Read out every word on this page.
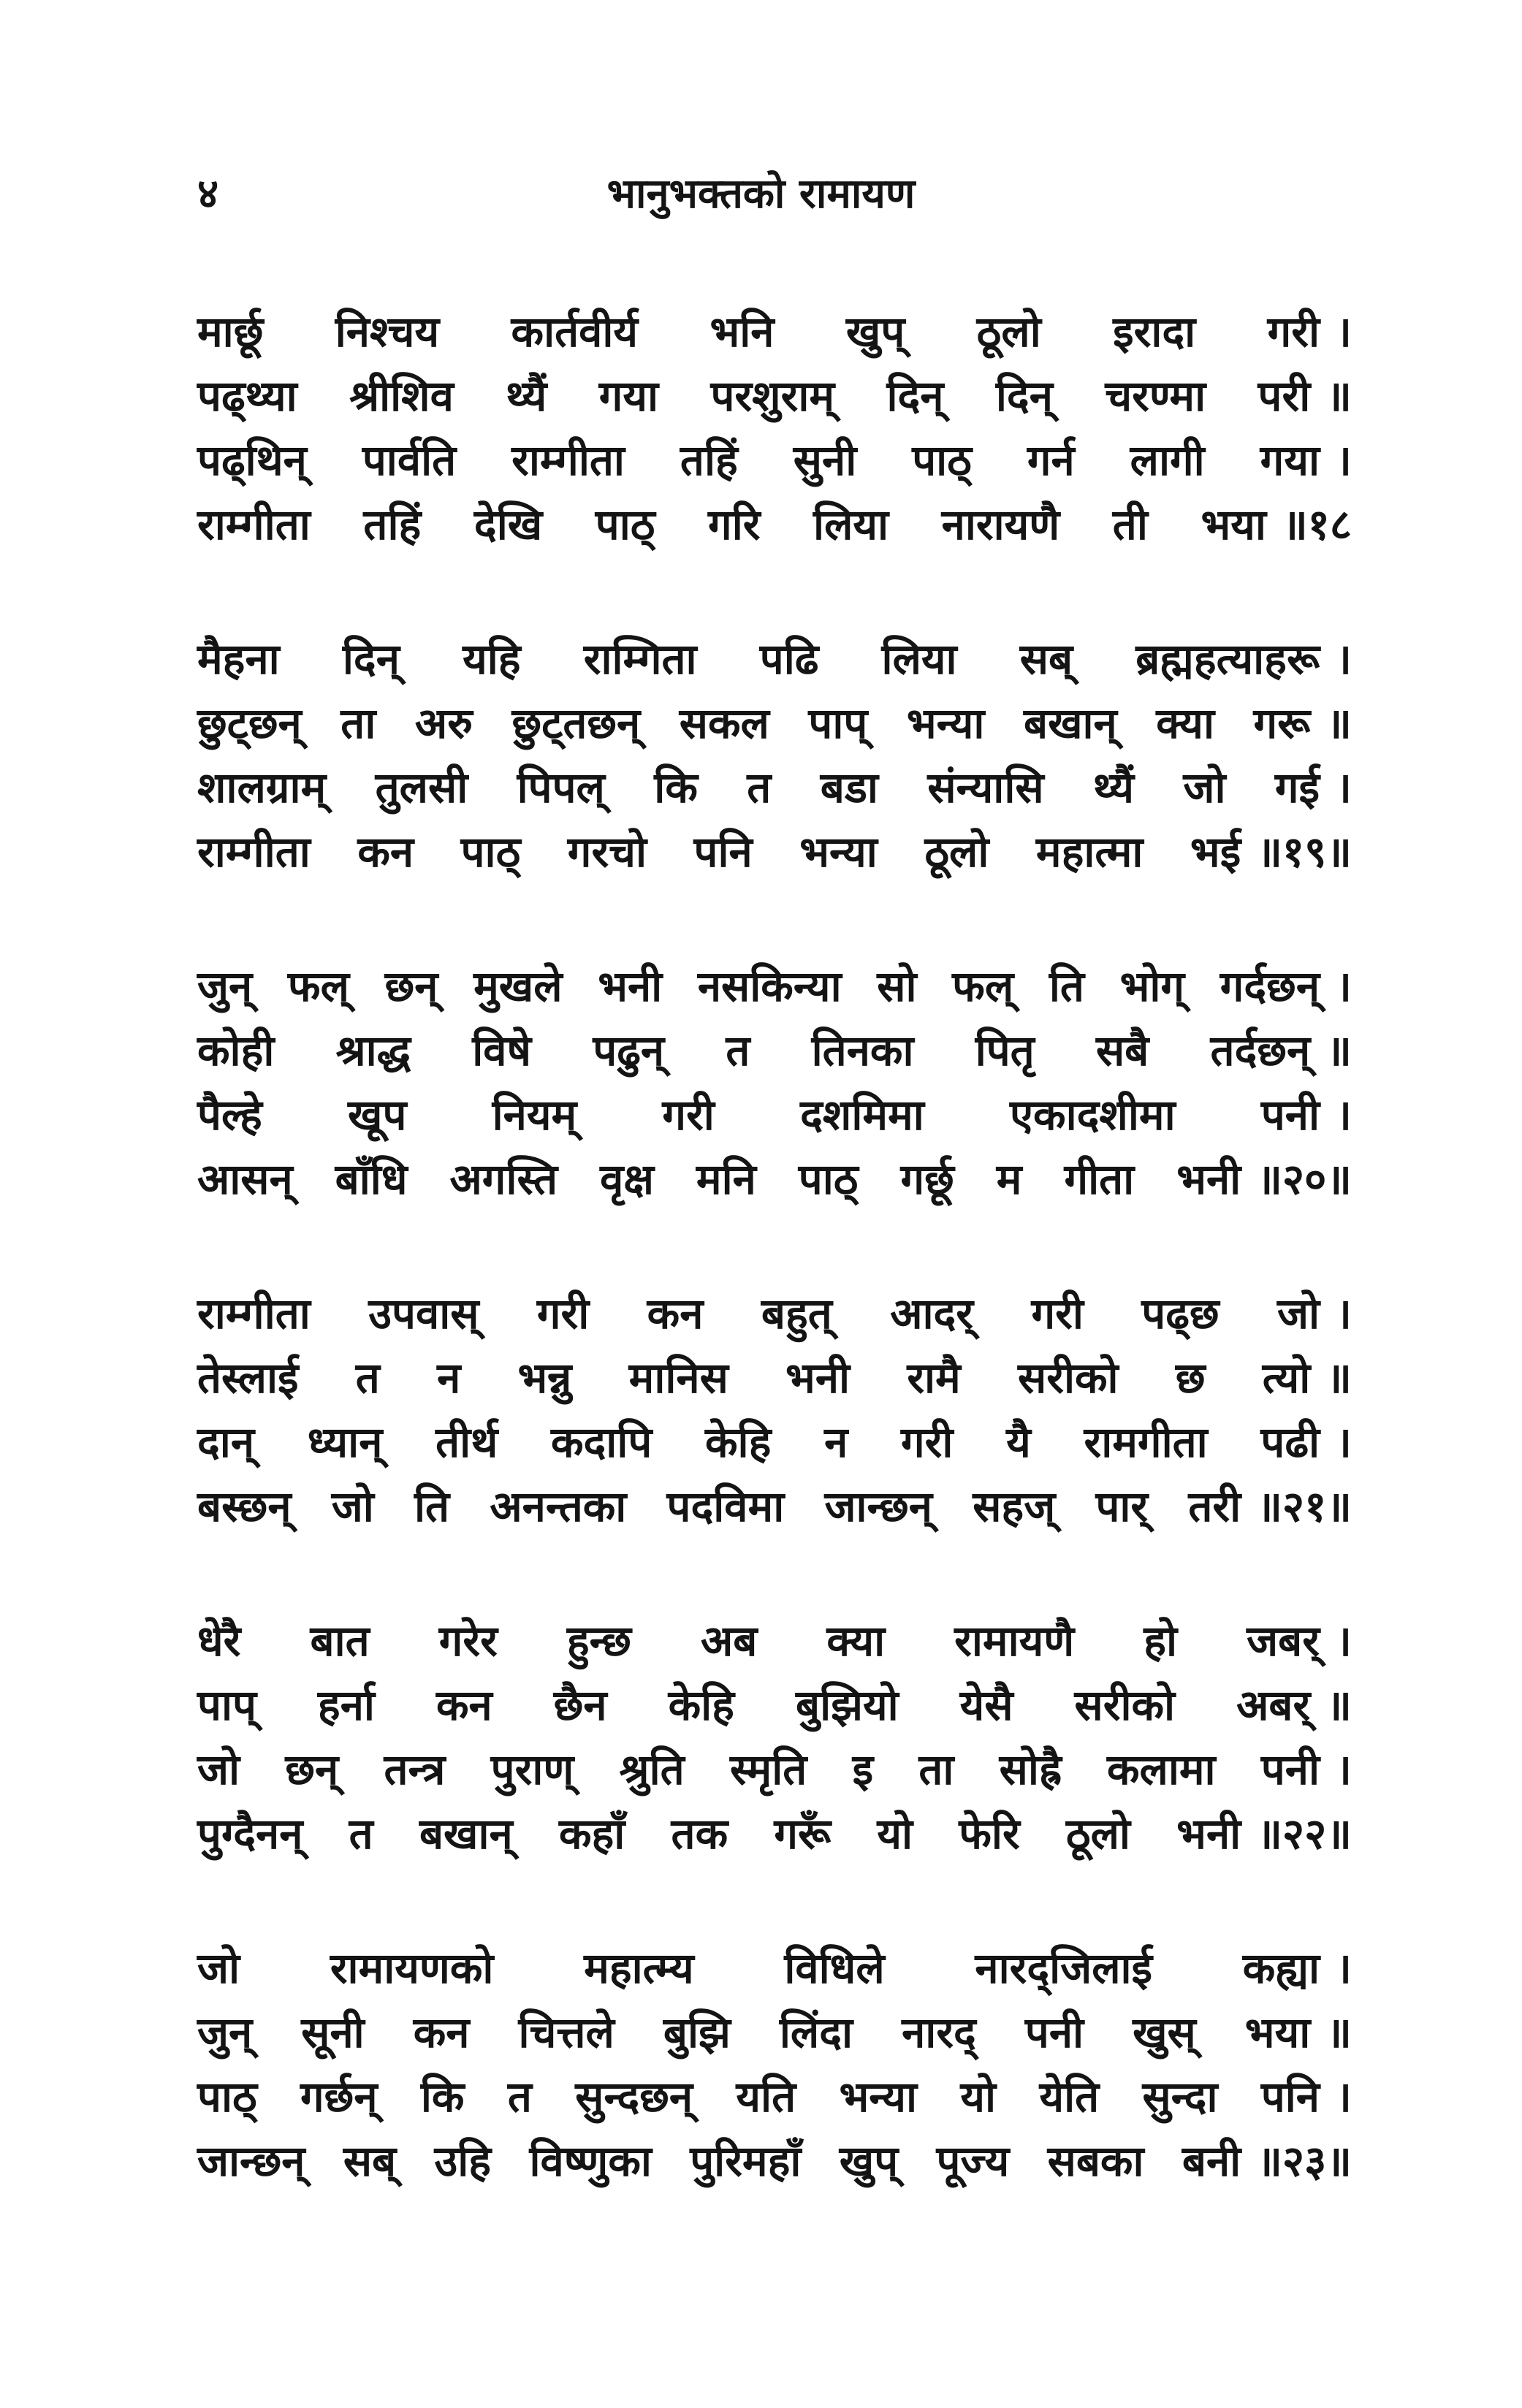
४	भानुभक्तको रामायण
मार्छू निश्चय कार्तवीर्य भनि खुप् ठूलो इरादा गरी ।
पढ्थ्या श्रीशिव थ्यैं गया परशुराम् दिन् दिन् चरण्मा परी ॥
पढ्थिन् पार्वति राम्गीता तहिं सुनी पाठ् गर्न लागी गया ।
राम्गीता तहिं देखि पाठ् गरि लिया नारायणै ती भया ॥१८
मैहना दिन् यहि राम्गिता पढि लिया सब् ब्रह्महत्याहरू ।
छुट्छन् ता अरु छुट्तछन् सकल पाप् भन्या बखान् क्या गरू ॥
शालग्राम् तुलसी पिपल् कि त बडा संन्यासि थ्यैं जो गई ।
राम्गीता कन पाठ् गरचो पनि भन्या ठूलो महात्मा भई ॥१९॥
जुन् फल् छन् मुखले भनी नसकिन्या सो फल् ति भोग् गर्दछन् ।
कोही श्राद्ध विषे पढुन् त तिनका पितृ सबै तर्दछन् ॥
पैल्हे खूप नियम् गरी दशमिमा एकादशीमा पनी ।
आसन् बाँधि अगस्ति वृक्ष मनि पाठ् गर्छू म गीता भनी ॥२०॥
राम्गीता उपवास् गरी कन बहुत् आदर् गरी पढ्छ जो ।
तेस्लाई त न भन्नु मानिस भनी रामै सरीको छ त्यो ॥
दान् ध्यान् तीर्थ कदापि केहि न गरी यै रामगीता पढी ।
बस्छन् जो ति अनन्तका पदविमा जान्छन् सहज् पार् तरी ॥२१॥
धेरै बात गरेर हुन्छ अब क्या रामायणै हो जबर् ।
पाप् हर्ना कन छैन केहि बुझियो येसै सरीको अबर् ॥
जो छन् तन्त्र पुराण् श्रुति स्मृति इ ता सोह्रै कलामा पनी ।
पुग्दैनन् त बखान् कहाँ तक गरूँ यो फेरि ठूलो भनी ॥२२॥
जो रामायणको महात्म्य विधिले नारद्जिलाई कह्या ।
जुन् सूनी कन चित्तले बुझि लिंदा नारद् पनी खुस् भया ॥
पाठ् गर्छन् कि त सुन्दछन् यति भन्या यो येति सुन्दा पनि ।
जान्छन् सब् उहि विष्णुका पुरिमहाँ खुप् पूज्य सबका बनी ॥२३॥
